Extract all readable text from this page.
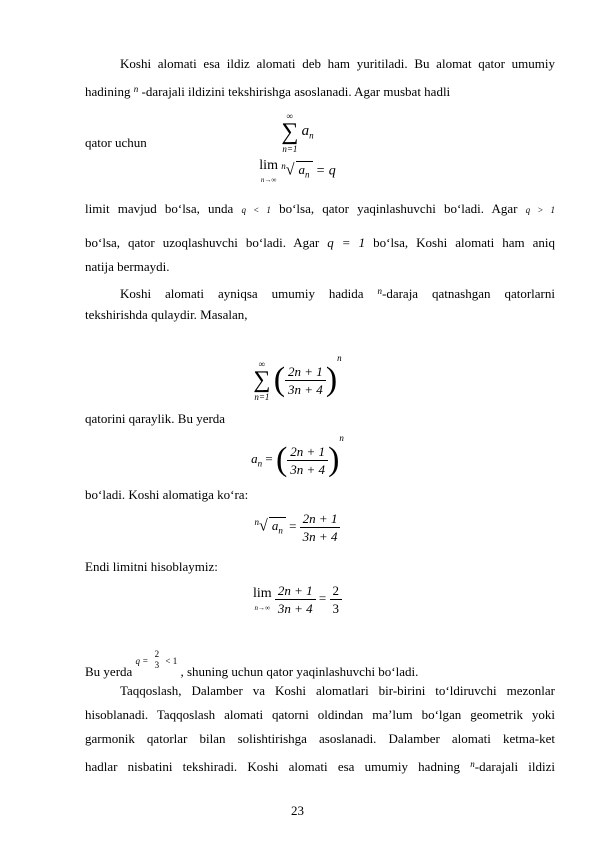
Koshi alomati esa ildiz alomati deb ham yuritiladi. Bu alomat qator umumiy
hadining $^n$ -darajali ildizini tekshirishga asoslanadi. Agar musbat hadli
∞
∑
n=1 $a_n$
qator uchun
lim
n→∞ $^n$√ $a_n = q$
limit mavjud bo‘lsa, unda q < 1 bo‘lsa, qator yaqinlashuvchi bo‘ladi. Agar q > 1
bo‘lsa, qator uzoqlashuvchi bo‘ladi. Agar q = 1 bo‘lsa, Koshi alomati ham aniq
natija bermaydi.
Koshi alomati ayniqsa umumiy hadida $^n$-daraja qatnashgan qatorlarni
tekshirishda qulaydir. Masalan,
∞
∑
n=1 ( $\frac{2n + 1}{3n + 4} )^n$
qatorini qaraylik. Bu yerda
$a_n$ = ( $\frac{2n + 1}{3n + 4} )^n$
bo‘ladi. Koshi alomatiga ko‘ra:
$^n$√ $a_n = \frac{2n + 1}{3n + 4}$
Endi limitni hisoblaymiz:
lim
$n\to\infty \frac{2n + 1}{3n + 4} = \frac{2}{3}$
Bu yerda $^{q =}$
2
3 $^{< 1}$ , shuning uchun qator yaqinlashuvchi bo‘ladi.
Taqqoslash, Dalamber va Koshi alomatlari bir-birini to‘ldiruvchi mezonlar
hisoblanadi. Taqqoslash alomati qatorni oldindan ma’lum bo‘lgan geometrik yoki
garmonik qatorlar bilan solishtirishga asoslanadi. Dalamber alomati ketma-ket
hadlar nisbatini tekshiradi. Koshi alomati esa umumiy hadning $^n$-darajali ildizi
23
